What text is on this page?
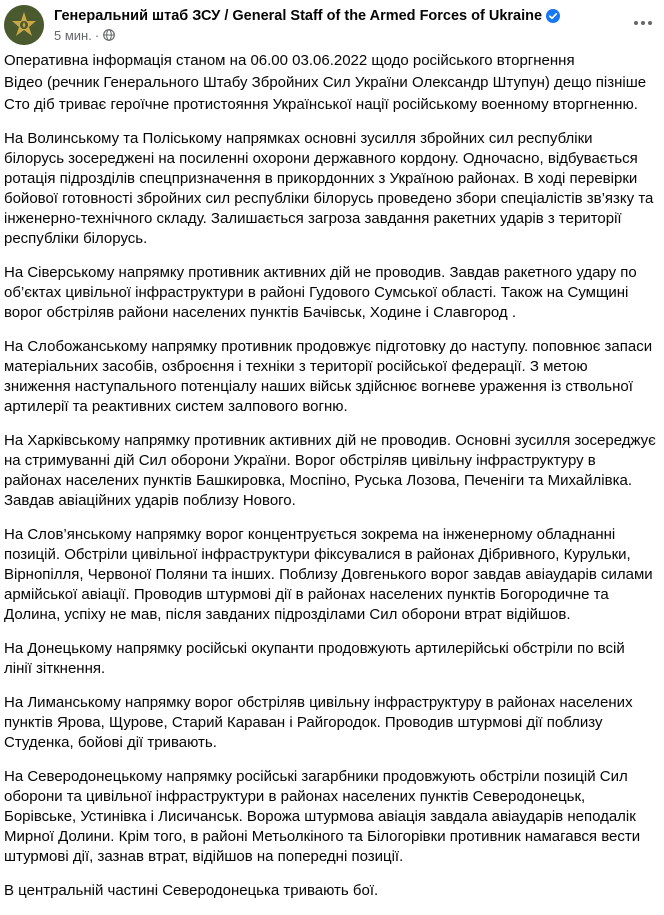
Генеральний штаб ЗСУ / General Staff of the Armed Forces of Ukraine
5 мин. ·

Оперативна інформація станом на 06.00 03.06.2022 щодо російського вторгнення

Відео (речник Генерального Штабу Збройних Сил України Олександр Штупун) дещо пізніше

Сто діб триває героїчне протистояння Української нації російському военному вторгненню.

На Волинському та Поліському напрямках основні зусилля збройних сил республіки білорусь зосереджені на посиленні охорони державного кордону. Одночасно, відбувається ротація підрозділів спецпризначення в прикордонних з Україною районах. В ході перевірки бойової готовності збройних сил республіки білорусь проведено збори спеціалістів зв’язку та інженерно-технічного складу. Залишається загроза завдання ракетних ударів з території республіки білорусь.

На Сіверському напрямку противник активних дій не проводив. Завдав ракетного удару по об’єктах цивільної інфраструктури в районі Гудового Сумської області. Також на Сумщині ворог обстріляв райони населених пунктів Бачівськ, Ходине і Славгород .

На Слобожанському напрямку противник продовжує підготовку до наступу. поповнює запаси матеріальних засобів, озброєння і техніки з території російської федерації. З метою зниження наступального потенціалу наших військ здійснює вогневе ураження із ствольної артилерії та реактивних систем залпового вогню.

На Харківському напрямку противник активних дій не проводив. Основні зусилля зосереджує на стримуванні дій Сил оборони України. Ворог обстріляв цивільну інфраструктуру в районах населених пунктів Башкировка, Моспіно, Руська Лозова, Печеніги та Михайлівка. Завдав авіаційних ударів поблизу Нового.

На Слов’янському напрямку ворог концентрується зокрема на інженерному обладнанні позицій. Обстріли цивільної інфраструктури фіксувалися в районах Дібривного, Курульки, Вірнопілля, Червоної Поляни та інших. Поблизу Довгенького ворог завдав авіаударів силами армійської авіації. Проводив штурмові дії в районах населених пунктів Богородичне та Долина, успіху не мав, після завданих підрозділами Сил оборони втрат відійшов.

На Донецькому напрямку російські окупанти продовжують артилерійські обстріли по всій лінії зіткнення.

На Лиманському напрямку ворог обстріляв цивільну інфраструктуру в районах населених пунктів Ярова, Щурове, Старий Караван і Райгородок. Проводив штурмові дії поблизу Студенка, бойові дії тривають.

На Северодонецькому напрямку російські загарбники продовжують обстріли позицій Сил оборони та цивільної інфраструктури в районах населених пунктів Северодонецьк, Борівське, Устинівка і Лисичанськ. Ворожа штурмова авіація завдала авіаударів неподалік Мирної Долини. Крім того, в районі Метьолкіного та Білогорівки противник намагався вести штурмові дії, зазнав втрат, відійшов на попередні позиції.

В центральній частині Северодонецька тривають бої.
